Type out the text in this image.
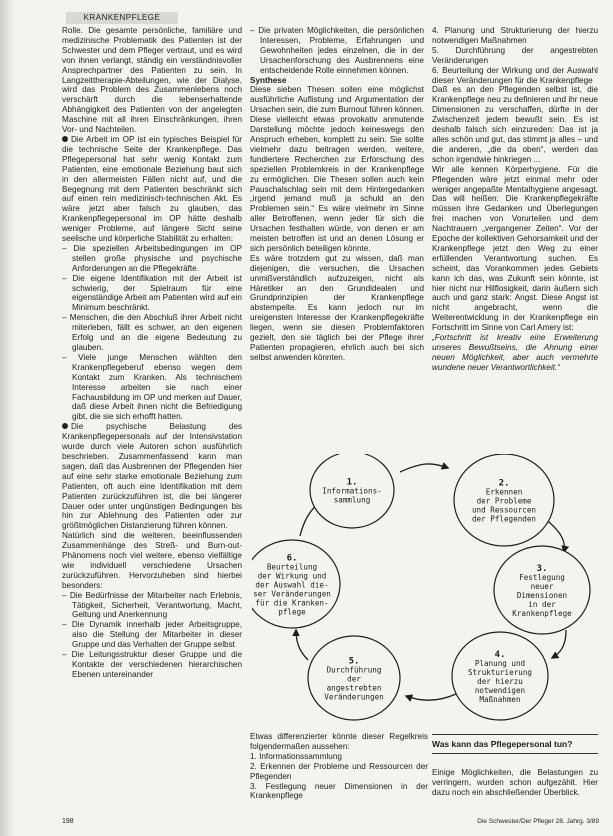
KRANKENPFLEGE

Rolle. Die gesamte persönliche, familiäre und medizinische Problematik des Patienten ist der Schwester und dem Pfleger vertraut, und es wird von ihnen verlangt, ständig ein verständnisvoller Ansprechpartner des Patienten zu sein. In Langzeittherapie-Abteilungen, wie der Dialyse, wird das Problem des Zusammenlebens noch verschärft durch die lebenserhaltende Abhängigkeit des Patienten von der angelegten Maschine mit all ihren Einschränkungen, ihren Vor- und Nachteilen.

Die Arbeit im OP ist ein typisches Beispiel für die technische Seite der Krankenpflege. Das Pflegepersonal hat sehr wenig Kontakt zum Patienten, eine emotionale Beziehung baut sich in den allermeisten Fällen nicht auf, und die Begegnung mit dem Patienten beschränkt sich auf einen rein medizinisch-technischen Akt. Es wäre jetzt aber falsch zu glauben, das Krankenpflegepersonal im OP hätte deshalb weniger Probleme, auf längere Sicht seine seelische und körperliche Stabilität zu erhalten:

– Die speziellen Arbeitsbedingungen im OP stellen große physische und psychische Anforderungen an die Pflegekräfte.

– Die eigene Identifikation mit der Arbeit ist schwierig, der Spielraum für eine eigenständige Arbeit am Patienten wird auf ein Minimum beschränkt.

– Menschen, die den Abschluß ihrer Arbeit nicht miterleben, fällt es schwer, an den eigenen Erfolg und an die eigene Bedeutung zu glauben.

– Viele junge Menschen wählten den Krankenpflegeberuf ebenso wegen dem Kontakt zum Kranken. Als technischem Interesse arbeiten sie nach einer Fachausbildung im OP und merken auf Dauer, daß diese Arbeit ihnen nicht die Befriedigung gibt, die sie sich erhofft hatten.

Die psychische Belastung des Krankenpflegepersonals auf der Intensivstation wurde durch viele Autoren schon ausführlich beschrieben. Zusammenfassend kann man sagen, daß das Ausbrennen der Pflegenden hier auf eine sehr starke emotionale Beziehung zum Patienten, oft auch eine Identifikation mit dem Patienten zurückzuführen ist, die bei längerer Dauer oder unter ungünstigen Bedingungen bis hin zur Ablehnung des Patienten oder zur größtmöglichen Distanzierung führen können.

Natürlich sind die weiteren, beeinflussenden Zusammenhänge des Streß- und Burn-out-Phänomens noch viel weitere, ebenso vielfältige wie individuell verschiedene Ursachen zurückzuführen. Hervorzuheben sind hierbei besonders:

– Die Bedürfnisse der Mitarbeiter nach Erlebnis, Tätigkeit, Sicherheit, Verantwortung, Macht, Geltung und Anerkennung

– Die Dynamik innerhalb jeder Arbeitsgruppe, also die Stellung der Mitarbeiter in dieser Gruppe und das Verhalten der Gruppe selbst

– Die Leitungsstruktur dieser Gruppe und die Kontakte der verschiedenen hierarchischen Ebenen untereinander

– Die privaten Möglichkeiten, die persönlichen Interessen, Probleme, Erfahrungen und Gewohnheiten jedes einzelnen, die in der Ursachenforschung des Ausbrennens eine entscheidende Rolle einnehmen können.

Synthese

Diese sieben Thesen sollen eine möglichst ausführliche Auflistung und Argumentation der Ursachen sein, die zum Burnout führen können. Diese vielleicht etwas provokativ anmutende Darstellung möchte jedoch keineswegs den Anspruch erheben, komplett zu sein. Sie sollte vielmehr dazu beitragen werden, weitere, fundiertere Recherchen zur Erforschung des speziellen Problemkreis in der Krankenpflege zu ermöglichen. Die Thesen sollen auch kein Pauschalschlag sein mit dem Hintergedanken „irgend jemand muß ja schuld an den Problemen sein.“ Es wäre vielmehr im Sinne aller Betroffenen, wenn jeder für sich die Ursachen festhalten würde, von denen er am meisten betroffen ist und an denen Lösung er sich persönlich beteiligen könnte.

Es wäre trotzdem gut zu wissen, daß man diejenigen, die versuchen, die Ursachen unmißverständlich aufzuzeigen, nicht als Häretiker an den Grundidealen und Grundprinzipien der Krankenpflege abstempelte. Es kann jedoch nur im ureigensten Interesse der Krankenpflegekräfte liegen, wenn sie diesen Problemfaktoren gezielt, den sie täglich bei der Pflege ihrer Patienten propagieren, ehrlich auch bei sich selbst anwenden könnten.

4. Planung und Strukturierung der hierzu notwendigen Maßnahmen

5. Durchführung der angestrebten Veränderungen

6. Beurteilung der Wirkung und der Auswahl dieser Veränderungen für die Krankenpflege

Daß es an den Pflegenden selbst ist, die Krankenpflege neu zu definieren und ihr neue Dimensionen zu verschaffen, dürfte in der Zwischenzeit jedem bewußt sein. Es ist deshalb falsch sich einzureden: Das ist ja alles schön und gut, das stimmt ja alles – und die anderen, „die da oben“, werden das schon irgendwie hinkriegen ...

Wir alle kennen Körperhygiene. Für die Pflegenden wäre jetzt einmal mehr oder weniger angepaßte Mentalhygiene angesagt. Das will heißen: Die Krankenpflegekräfte müssen ihre Gedanken und Überlegungen frei machen von Vorurteilen und dem Nachtrauern „vergangener Zeiten“. Vor der Epoche der kollektiven Gehorsamkeit und der Krankenpflege jetzt den Weg zu einer erfüllenden Verantwortung suchen. Es scheint, das Vorankommen jedes Gebiets kann ich das, was Zukunft sein könnte, ist hier nicht nur Hilflosigkeit, darin äußern sich auch und ganz stark: Angst. Diese Angst ist nicht angebracht, wenn die Weiterentwicklung in der Krankenpflege ein Fortschritt im Sinne von Carl Amery ist:

„Fortschritt ist kreativ eine Erweiterung unseres Bewußtseins, die Ahnung einer neuen Möglichkeit, aber auch vermehrte wundene neuer Verantwortlichkeit.“

1.
Informations-
sammlung
2.
Erkennen
der Probleme
und Ressourcen
der Pflegenden
3.
Festlegung
neuer
Dimensionen
in der
Krankenpflege
4.
Planung und
Strukturierung
der hierzu
notwendigen
Maßnahmen
5.
Durchführung
der
angestrebten
Veränderungen
6.
Beurteilung
der Wirkung und
der Auswahl die-
ser Veränderungen
für die Kranken-
pflege

Etwas differenzierter könnte dieser Regelkreis folgendermaßen aussehen:

1. Informationssammlung

2. Erkennen der Probleme und Ressourcen der Pflegenden

3. Festlegung neuer Dimensionen in der Krankenpflege

Was kann das Pflegepersonal tun?

Einige Möglichkeiten, die Belastungen zu verringern, wurden schon aufgezählt. Hier dazu noch ein abschließender Überblick.

198	Die Schwester/Der Pfleger 28. Jahrg. 3/89
